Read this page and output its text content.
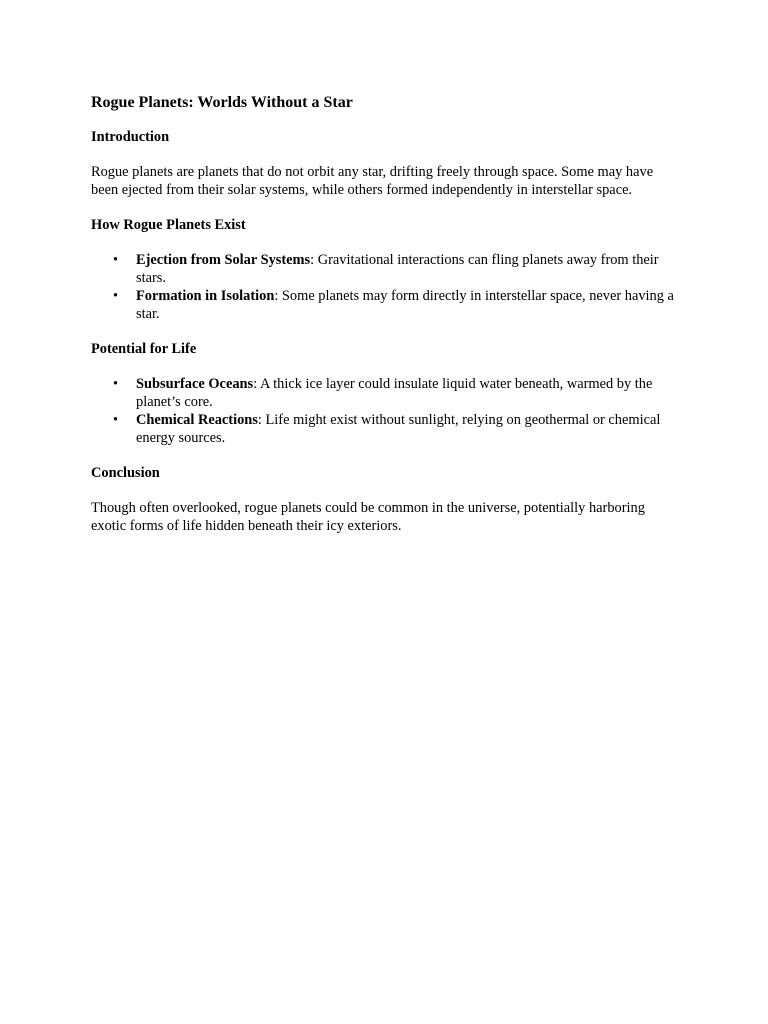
Rogue Planets: Worlds Without a Star
Introduction

Rogue planets are planets that do not orbit any star, drifting freely through space. Some may have been ejected from their solar systems, while others formed independently in interstellar space.

How Rogue Planets Exist
• Ejection from Solar Systems: Gravitational interactions can fling planets away from their stars.
• Formation in Isolation: Some planets may form directly in interstellar space, never having a star.
Potential for Life
• Subsurface Oceans: A thick ice layer could insulate liquid water beneath, warmed by the planet’s core.
• Chemical Reactions: Life might exist without sunlight, relying on geothermal or chemical energy sources.
Conclusion

Though often overlooked, rogue planets could be common in the universe, potentially harboring exotic forms of life hidden beneath their icy exteriors.
